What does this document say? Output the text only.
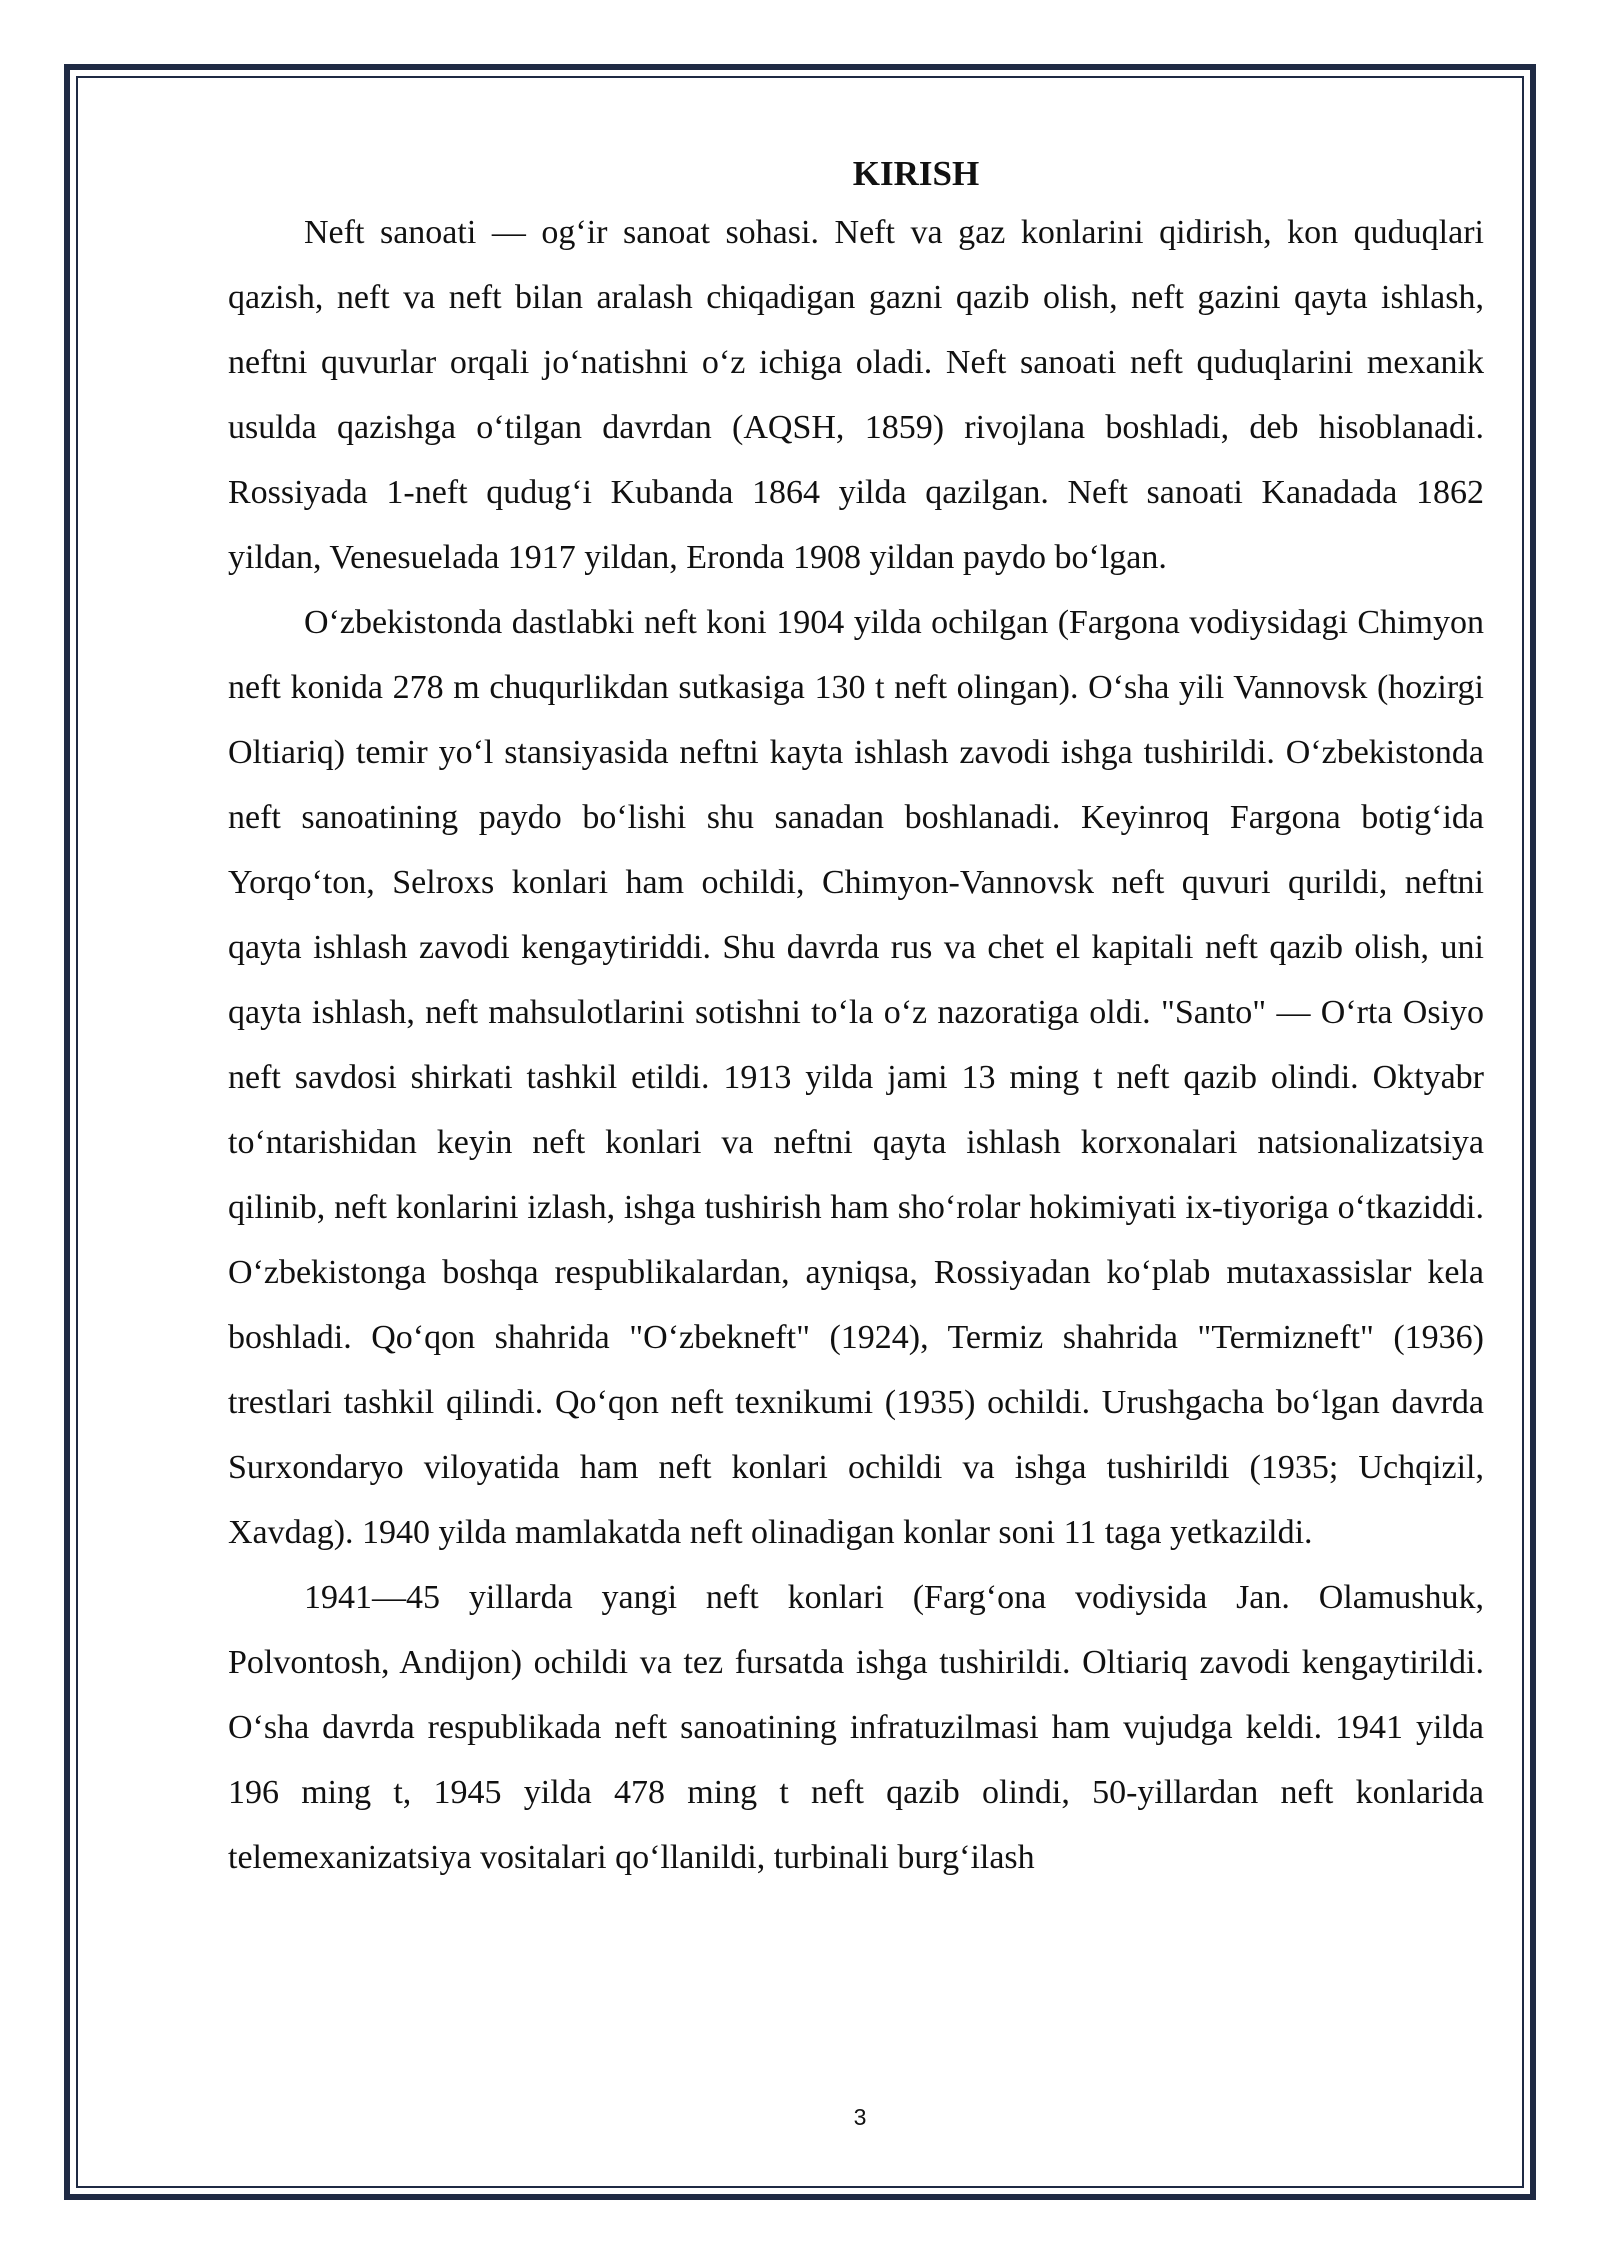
KIRISH

Neft sanoati — og‘ir sanoat sohasi. Neft va gaz konlarini qidirish, kon quduqlari qazish, neft va neft bilan aralash chiqadigan gazni qazib olish, neft gazini qayta ishlash, neftni quvurlar orqali jo‘natishni o‘z ichiga oladi. Neft sanoati neft quduqlarini mexanik usulda qazishga o‘tilgan davrdan (AQSH, 1859) rivojlana boshladi, deb hisoblanadi. Rossiyada 1-neft qudug‘i Kubanda 1864 yilda qazilgan. Neft sanoati Kanadada 1862 yildan, Venesuelada 1917 yildan, Eronda 1908 yildan paydo bo‘lgan.

O‘zbekistonda dastlabki neft koni 1904 yilda ochilgan (Fargona vodiysidagi Chimyon neft konida 278 m chuqurlikdan sutkasiga 130 t neft olingan). O‘sha yili Vannovsk (hozirgi Oltiariq) temir yo‘l stansiyasida neftni kayta ishlash zavodi ishga tushirildi. O‘zbekistonda neft sanoatining paydo bo‘lishi shu sanadan boshlanadi. Keyinroq Fargona botig‘ida Yorqo‘ton, Selroxs konlari ham ochildi, Chimyon-Vannovsk neft quvuri qurildi, neftni qayta ishlash zavodi kengaytiriddi. Shu davrda rus va chet el kapitali neft qazib olish, uni qayta ishlash, neft mahsulotlarini sotishni to‘la o‘z nazoratiga oldi. "Santo" — O‘rta Osiyo neft savdosi shirkati tashkil etildi. 1913 yilda jami 13 ming t neft qazib olindi. Oktyabr to‘ntarishidan keyin neft konlari va neftni qayta ishlash korxonalari natsionalizatsiya qilinib, neft konlarini izlash, ishga tushirish ham sho‘rolar hokimiyati ix-tiyoriga o‘tkaziddi. O‘zbekistonga boshqa respublikalardan, ayniqsa, Rossiyadan ko‘plab mutaxassislar kela boshladi. Qo‘qon shahrida "O‘zbekneft" (1924), Termiz shahrida "Termizneft" (1936) trestlari tashkil qilindi. Qo‘qon neft texnikumi (1935) ochildi. Urushgacha bo‘lgan davrda Surxondaryo viloyatida ham neft konlari ochildi va ishga tushirildi (1935; Uchqizil, Xavdag). 1940 yilda mamlakatda neft olinadigan konlar soni 11 taga yetkazildi.

1941—45 yillarda yangi neft konlari (Farg‘ona vodiysida Jan. Olamushuk, Polvontosh, Andijon) ochildi va tez fursatda ishga tushirildi. Oltiariq zavodi kengaytirildi. O‘sha davrda respublikada neft sanoatining infratuzilmasi ham vujudga keldi. 1941 yilda 196 ming t, 1945 yilda 478 ming t neft qazib olindi, 50-yillardan neft konlarida telemexanizatsiya vositalari qo‘llanildi, turbinali burg‘ilash

3
